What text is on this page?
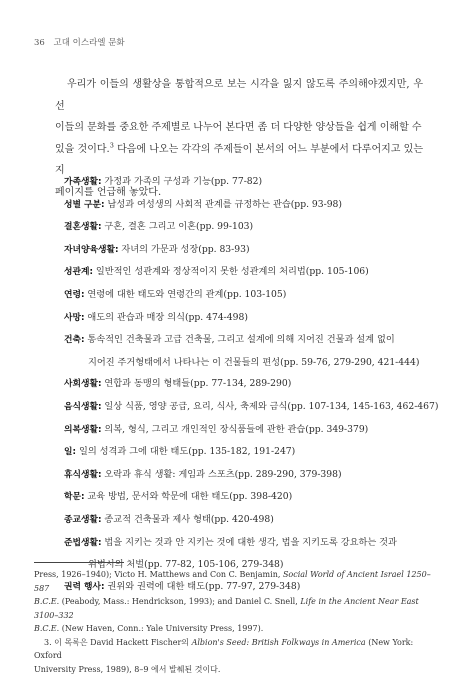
36 고대 이스라엘 문화
우리가 이들의 생활상을 통합적으로 보는 시각을 잃지 않도록 주의해야겠지만, 우선
이들의 문화를 중요한 주제별로 나누어 본다면 좀 더 다양한 양상들을 쉽게 이해할 수
있을 것이다.$^3$ 다음에 나오는 각각의 주제들이 본서의 어느 부분에서 다루어지고 있는지
페이지를 언급해 놓았다.
가족생활: 가정과 가족의 구성과 기능(pp. 77-82)
성별 구분: 남성과 여성생의 사회적 관계를 규정하는 관습(pp. 93-98)
결혼생활: 구혼, 결혼 그리고 이혼(pp. 99-103)
자녀양육생활: 자녀의 가문과 성장(pp. 83-93)
성관계: 일반적인 성관계와 정상적이지 못한 성관계의 처리법(pp. 105-106)
연령: 연령에 대한 태도와 연령간의 관계(pp. 103-105)
사망: 애도의 관습과 매장 의식(pp. 474-498)
건축: 통속적인 건축물과 고급 건축물, 그리고 설계에 의해 지어진 건물과 설계 없이
지어진 주거형태에서 나타나는 이 건물들의 편성(pp. 59-76, 279-290, 421-444)
사회생활: 연합과 동맹의 형태들(pp. 77-134, 289-290)
음식생활: 일상 식품, 영양 공급, 요리, 식사, 축제와 금식(pp. 107-134, 145-163, 462-467)
의복생활: 의복, 형식, 그리고 개인적인 장식품들에 관한 관습(pp. 349-379)
일: 일의 성격과 그에 대한 태도(pp. 135-182, 191-247)
휴식생활: 오락과 휴식 생활: 게임과 스포츠(pp. 289-290, 379-398)
학문: 교육 방법, 문서와 학문에 대한 태도(pp. 398-420)
종교생활: 종교적 건축물과 제사 형태(pp. 420-498)
준법생활: 법을 지키는 것과 안 지키는 것에 대한 생각, 법을 지키도록 강요하는 것과
위법시의 처벌(pp. 77-82, 105-106, 279-348)
권력 행사: 권위와 권력에 대한 태도(pp. 77-97, 279-348)
Press, 1926–1940); Victo H. Matthews and Con C. Benjamin, Social World of Ancient Israel 1250–587
B.C.E. (Peabody, Mass.: Hendrickson, 1993); and Daniel C. Snell, Life in the Ancient Near East 3100–332
B.C.E. (New Haven, Conn.: Yale University Press, 1997).
3. 이 목록은 David Hackett Fischer의 Albion's Seed: British Folkways in America (New York: Oxford
University Press, 1989), 8–9 에서 발췌된 것이다.
